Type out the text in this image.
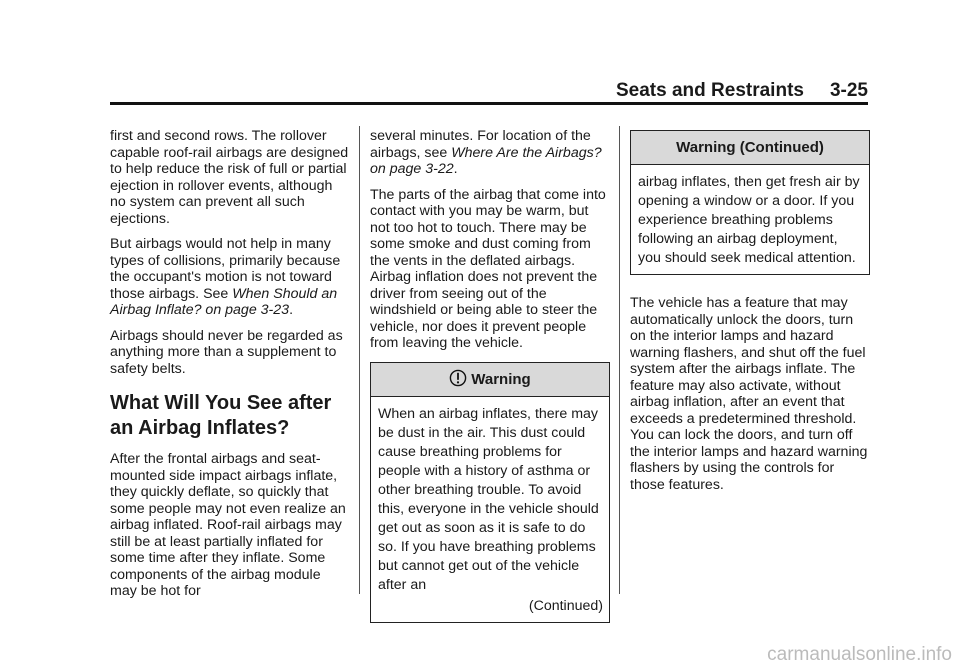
Seats and Restraints 3-25

first and second rows. The rollover capable roof-rail airbags are designed to help reduce the risk of full or partial ejection in rollover events, although no system can prevent all such ejections.

But airbags would not help in many types of collisions, primarily because the occupant's motion is not toward those airbags. See When Should an Airbag Inflate? on page 3-23.

Airbags should never be regarded as anything more than a supplement to safety belts.

What Will You See after an Airbag Inflates?

After the frontal airbags and seat-mounted side impact airbags inflate, they quickly deflate, so quickly that some people may not even realize an airbag inflated. Roof-rail airbags may still be at least partially inflated for some time after they inflate. Some components of the airbag module may be hot for

several minutes. For location of the airbags, see Where Are the Airbags? on page 3-22.

The parts of the airbag that come into contact with you may be warm, but not too hot to touch. There may be some smoke and dust coming from the vents in the deflated airbags. Airbag inflation does not prevent the driver from seeing out of the windshield or being able to steer the vehicle, nor does it prevent people from leaving the vehicle.

Warning

When an airbag inflates, there may be dust in the air. This dust could cause breathing problems for people with a history of asthma or other breathing trouble. To avoid this, everyone in the vehicle should get out as soon as it is safe to do so. If you have breathing problems but cannot get out of the vehicle after an

(Continued)
Warning (Continued)

airbag inflates, then get fresh air by opening a window or a door. If you experience breathing problems following an airbag deployment, you should seek medical attention.

The vehicle has a feature that may automatically unlock the doors, turn on the interior lamps and hazard warning flashers, and shut off the fuel system after the airbags inflate. The feature may also activate, without airbag inflation, after an event that exceeds a predetermined threshold. You can lock the doors, and turn off the interior lamps and hazard warning flashers by using the controls for those features.

carmanualsonline.info
